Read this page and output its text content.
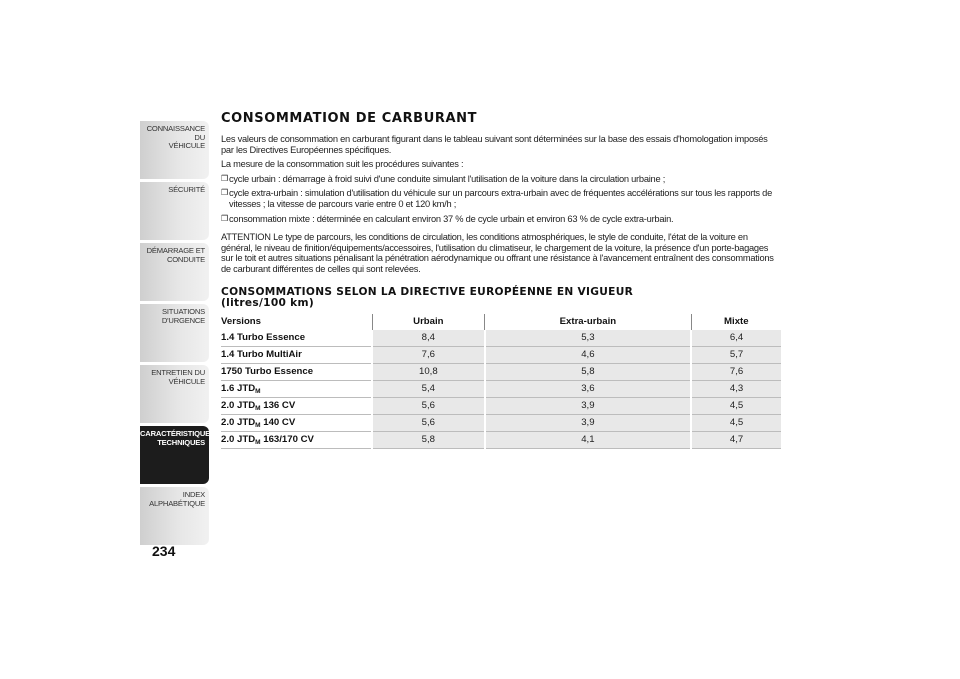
CONNAISSANCE DU
VÉHICULE
SÉCURITÉ
DÉMARRAGE ET
CONDUITE
SITUATIONS
D'URGENCE
ENTRETIEN DU
VÉHICULE
CARACTÉRISTIQUES
TECHNIQUES
INDEX
ALPHABÉTIQUE
234
CONSOMMATION DE CARBURANT
Les valeurs de consommation en carburant figurant dans le tableau suivant sont déterminées sur la base des essais d'homologation imposés par les Directives Européennes spécifiques.
La mesure de la consommation suit les procédures suivantes :
❒ cycle urbain : démarrage à froid suivi d'une conduite simulant l'utilisation de la voiture dans la circulation urbaine ;
❒ cycle extra-urbain : simulation d'utilisation du véhicule sur un parcours extra-urbain avec de fréquentes accélérations sur tous les rapports de vitesses ; la vitesse de parcours varie entre 0 et 120 km/h ;
❒ consommation mixte : déterminée en calculant environ 37 % de cycle urbain et environ 63 % de cycle extra-urbain.
ATTENTION Le type de parcours, les conditions de circulation, les conditions atmosphériques, le style de conduite, l'état de la voiture en général, le niveau de finition/équipements/accessoires, l'utilisation du climatiseur, le chargement de la voiture, la présence d'un porte-bagages sur le toit et autres situations pénalisant la pénétration aérodynamique ou offrant une résistance à l'avancement entraînent des consommations de carburant différentes de celles qui sont relevées.
CONSOMMATIONS SELON LA DIRECTIVE EUROPÉENNE EN VIGUEUR
(litres/100 km)
Versions	Urbain	Extra-urbain	Mixte
1.4 Turbo Essence	8,4	5,3	6,4
1.4 Turbo MultiAir	7,6	4,6	5,7
1750 Turbo Essence	10,8	5,8	7,6
1.6 $JTD_M$	5,4	3,6	4,3
2.0 $JTD_M$ 136 CV	5,6	3,9	4,5
2.0 $JTD_M$ 140 CV	5,6	3,9	4,5
2.0 $JTD_M$ 163/170 CV	5,8	4,1	4,7
